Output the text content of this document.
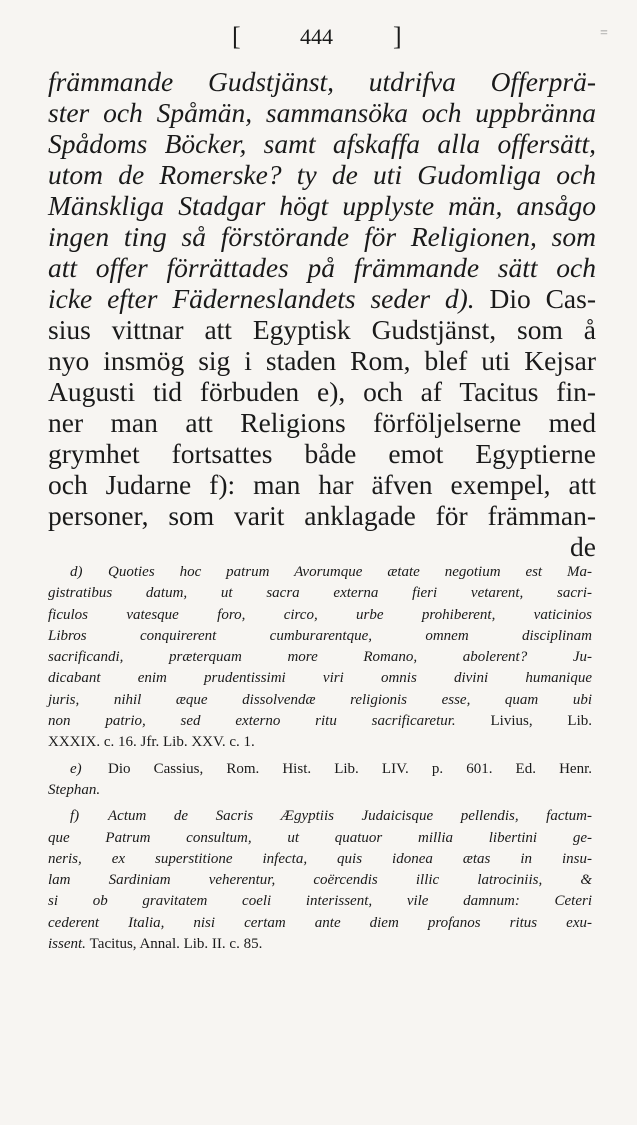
[	444 ]	=
främmande Gudstjänst, utdrifva Offerprä-
ster och Spåmän, sammansöka och uppbränna
Spådoms Böcker, samt afskaffa alla offersätt,
utom de Romerske? ty de uti Gudomliga och
Mänskliga Stadgar högt upplyste män, ansågo
ingen ting så förstörande för Religionen, som
att offer förrättades på främmande sätt och
icke efter Fäderneslandets seder d). Dio Cas-
sius vittnar att Egyptisk Gudstjänst, som å
nyo insmög sig i staden Rom, blef uti Kejsar
Augusti tid förbuden e), och af Tacitus fin-
ner man att Religions förföljelserne med
grymhet fortsattes både emot Egyptierne
och Judarne f): man har äfven exempel, att
personer, som varit anklagade för främman-
de
d)	Quoties hoc patrum Avorumque ætate negotium est Ma-
gistratibus datum, ut sacra externa fieri vetarent, sacri-
ficulos vatesque foro, circo, urbe prohiberent, vaticinios
Libros conquirerent cumburarentque, omnem disciplinam
sacrificandi, præterquam more Romano, abolerent? Ju-
dicabant enim prudentissimi viri omnis divini humanique
juris, nihil æque dissolvendæ religionis esse, quam ubi
non patrio, sed externo ritu sacrificaretur. Livius, Lib.
XXXIX. c. 16. Jfr. Lib. XXV. c. 1.
e)	Dio Cassius, Rom. Hist. Lib. LIV. p. 601. Ed. Henr.
Stephan.
f)	Actum de Sacris Ægyptiis Judaicisque pellendis, factum-
que Patrum consultum, ut quatuor millia libertini ge-
neris, ex superstitione infecta, quis idonea ætas in insu-
lam Sardiniam veherentur, coërcendis illic latrociniis, &
si ob gravitatem coeli interissent, vile damnum: Ceteri
cederent Italia, nisi certam ante diem profanos ritus exu-
issent. Tacitus, Annal. Lib. II. c. 85.
